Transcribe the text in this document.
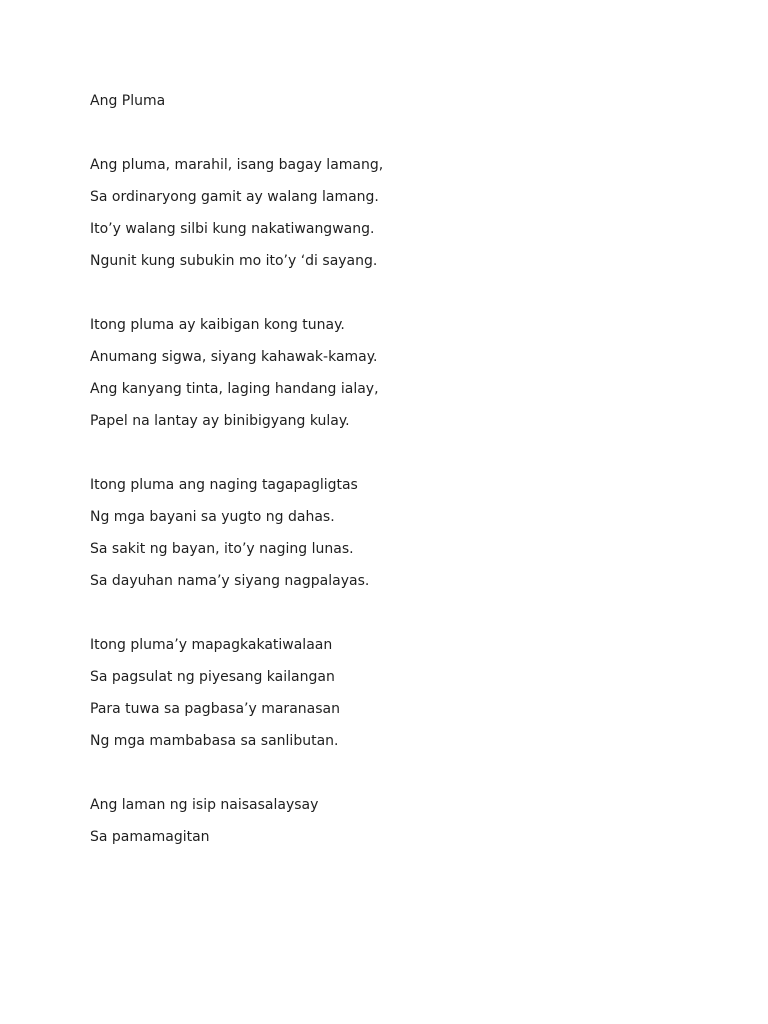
Ang Pluma
Ang pluma, marahil, isang bagay lamang,
Sa ordinaryong gamit ay walang lamang.
Ito’y walang silbi kung nakatiwangwang.
Ngunit kung subukin mo ito’y ‘di sayang.
Itong pluma ay kaibigan kong tunay.
Anumang sigwa, siyang kahawak-kamay.
Ang kanyang tinta, laging handang ialay,
Papel na lantay ay binibigyang kulay.
Itong pluma ang naging tagapagligtas
Ng mga bayani sa yugto ng dahas.
Sa sakit ng bayan, ito’y naging lunas.
Sa dayuhan nama’y siyang nagpalayas.
Itong pluma’y mapagkakatiwalaan
Sa pagsulat ng piyesang kailangan
Para tuwa sa pagbasa’y maranasan
Ng mga mambabasa sa sanlibutan.
Ang laman ng isip naisasalaysay
Sa pamamagitan
